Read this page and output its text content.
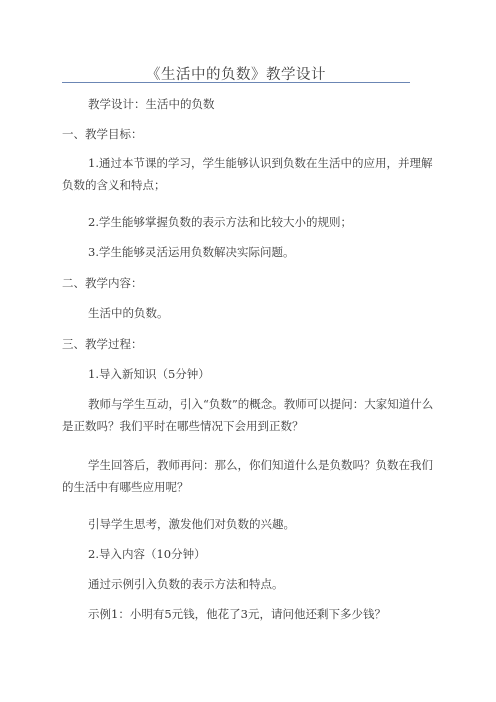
《生活中的负数》教学设计
教学设计：生活中的负数
一、教学目标：
1.通过本节课的学习，学生能够认识到负数在生活中的应用，并理解负数的含义和特点；
2.学生能够掌握负数的表示方法和比较大小的规则；
3.学生能够灵活运用负数解决实际问题。
二、教学内容：
生活中的负数。
三、教学过程：
1.导入新知识（5分钟）
教师与学生互动，引入“负数”的概念。教师可以提问：大家知道什么是正数吗？我们平时在哪些情况下会用到正数？
学生回答后，教师再问：那么，你们知道什么是负数吗？负数在我们的生活中有哪些应用呢？
引导学生思考，激发他们对负数的兴趣。
2.导入内容（10分钟）
通过示例引入负数的表示方法和特点。
示例1：小明有5元钱，他花了3元，请问他还剩下多少钱？
